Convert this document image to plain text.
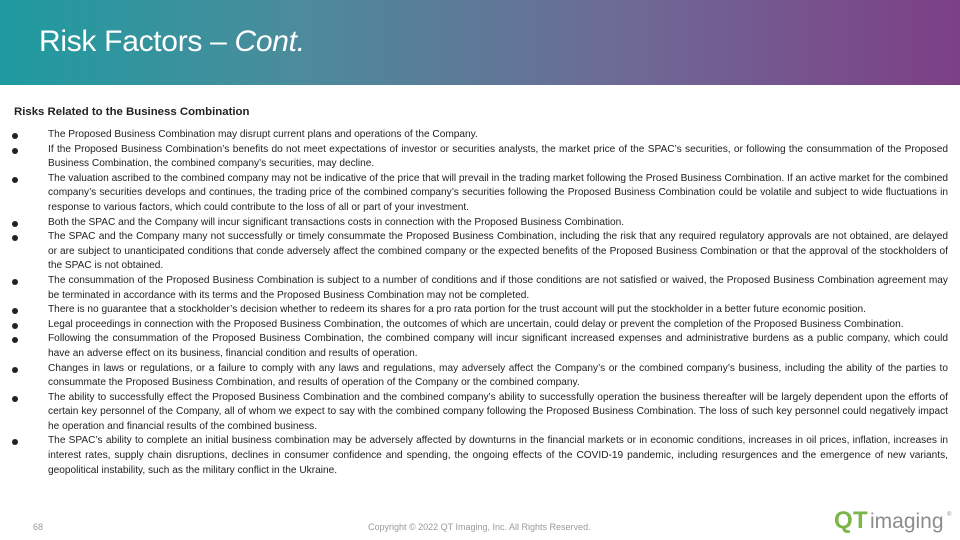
Risk Factors – Cont.
Risks Related to the Business Combination
The Proposed Business Combination may disrupt current plans and operations of the Company.
If the Proposed Business Combination’s benefits do not meet expectations of investor or securities analysts, the market price of the SPAC’s securities, or following the consummation of the Proposed Business Combination, the combined company’s securities, may decline.
The valuation ascribed to the combined company may not be indicative of the price that will prevail in the trading market following the Prosed Business Combination. If an active market for the combined company’s securities develops and continues, the trading price of the combined company’s securities following the Proposed Business Combination could be volatile and subject to wide fluctuations in response to various factors, which could contribute to the loss of all or part of your investment.
Both the SPAC and the Company will incur significant transactions costs in connection with the Proposed Business Combination.
The SPAC and the Company many not successfully or timely consummate the Proposed Business Combination, including the risk that any required regulatory approvals are not obtained, are delayed or are subject to unanticipated conditions that conde adversely affect the combined company or the expected benefits of the Proposed Business Combination or that the approval of the stockholders of the SPAC is not obtained.
The consummation of the Proposed Business Combination is subject to a number of conditions and if those conditions are not satisfied or waived, the Proposed Business Combination agreement may be terminated in accordance with its terms and the Proposed Business Combination may not be completed.
There is no guarantee that a stockholder’s decision whether to redeem its shares for a pro rata portion for the trust account will put the stockholder in a better future economic position.
Legal proceedings in connection with the Proposed Business Combination, the outcomes of which are uncertain, could delay or prevent the completion of the Proposed Business Combination.
Following the consummation of the Proposed Business Combination, the combined company will incur significant increased expenses and administrative burdens as a public company, which could have an adverse effect on its business, financial condition and results of operation.
Changes in laws or regulations, or a failure to comply with any laws and regulations, may adversely affect the Company’s or the combined company’s business, including the ability of the parties to consummate the Proposed Business Combination, and results of operation of the Company or the combined company.
The ability to successfully effect the Proposed Business Combination and the combined company’s ability to successfully operation the business thereafter will be largely dependent upon the efforts of certain key personnel of the Company, all of whom we expect to say with the combined company following the Proposed Business Combination. The loss of such key personnel could negatively impact he operation and financial results of the combined business.
The SPAC’s ability to complete an initial business combination may be adversely affected by downturns in the financial markets or in economic conditions, increases in oil prices, inflation, increases in interest rates, supply chain disruptions, declines in consumer confidence and spending, the ongoing effects of the COVID-19 pandemic, including resurgences and the emergence of new variants, geopolitical instability, such as the military conflict in the Ukraine.
68	Copyright © 2022 QT Imaging, Inc. All Rights Reserved.	Q T imaging ®
